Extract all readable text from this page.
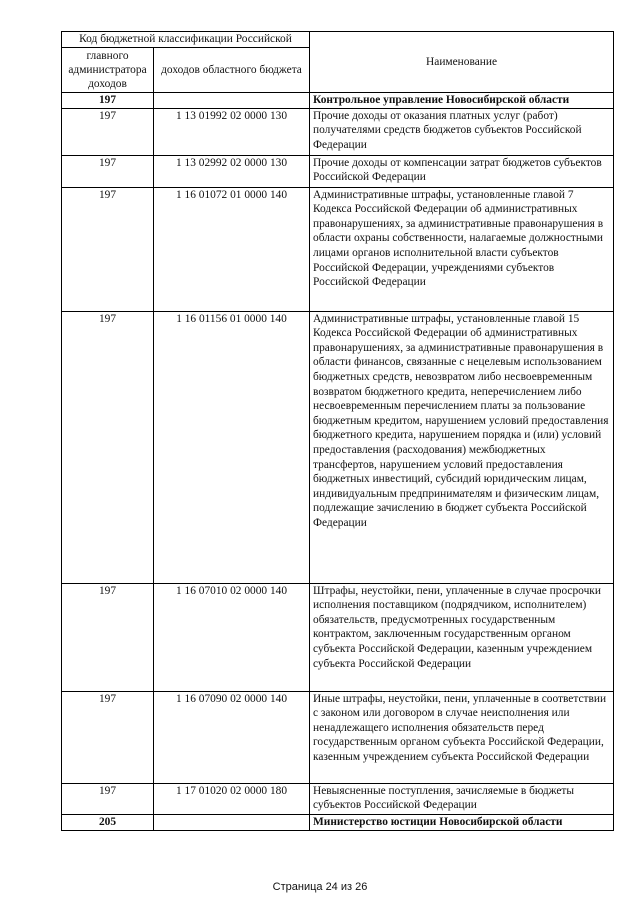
Код бюджетной классификации Российской		Наименование
главного администратора доходов	доходов областного бюджета	
197		Контрольное управление Новосибирской области
197	1 13 01992 02 0000 130	Прочие доходы от оказания платных услуг (работ) получателями средств бюджетов субъектов Российской Федерации
197	1 13 02992 02 0000 130	Прочие доходы от компенсации затрат бюджетов субъектов Российской Федерации
197	1 16 01072 01 0000 140	Административные штрафы, установленные главой 7 Кодекса Российской Федерации об административных правонарушениях, за административные правонарушения в области охраны собственности, налагаемые должностными лицами органов исполнительной власти субъектов Российской Федерации, учреждениями субъектов Российской Федерации
197	1 16 01156 01 0000 140	Административные штрафы, установленные главой 15 Кодекса Российской Федерации об административных правонарушениях, за административные правонарушения в области финансов, связанные с нецелевым использованием бюджетных средств, невозвратом либо несвоевременным возвратом бюджетного кредита, неперечислением либо несвоевременным перечислением платы за пользование бюджетным кредитом, нарушением условий предоставления бюджетного кредита, нарушением порядка и (или) условий предоставления (расходования) межбюджетных трансфертов, нарушением условий предоставления бюджетных инвестиций, субсидий юридическим лицам, индивидуальным предпринимателям и физическим лицам, подлежащие зачислению в бюджет субъекта Российской Федерации
197	1 16 07010 02 0000 140	Штрафы, неустойки, пени, уплаченные в случае просрочки исполнения поставщиком (подрядчиком, исполнителем) обязательств, предусмотренных государственным контрактом, заключенным государственным органом субъекта Российской Федерации, казенным учреждением субъекта Российской Федерации
197	1 16 07090 02 0000 140	Иные штрафы, неустойки, пени, уплаченные в соответствии с законом или договором в случае неисполнения или ненадлежащего исполнения обязательств перед государственным органом субъекта Российской Федерации, казенным учреждением субъекта Российской Федерации
197	1 17 01020 02 0000 180	Невыясненные поступления, зачисляемые в бюджеты субъектов Российской Федерации
205		Министерство юстиции Новосибирской области
Страница 24 из 26
